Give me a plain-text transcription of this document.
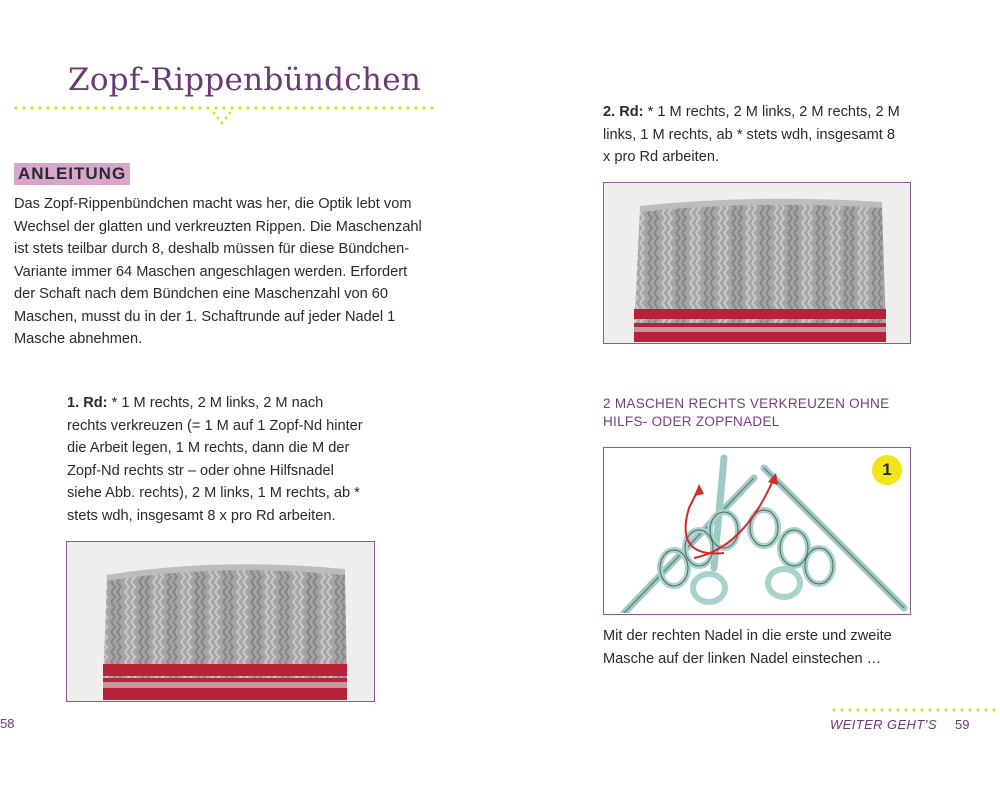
Zopf-Rippenbündchen
ANLEITUNG
Das Zopf-Rippenbündchen macht was her, die Optik lebt vom Wechsel der glatten und verkreuzten Rippen. Die Maschenzahl ist stets teilbar durch 8, deshalb müssen für diese Bündchen-Variante immer 64 Maschen angeschlagen werden. Erfordert der Schaft nach dem Bündchen eine Maschenzahl von 60 Maschen, musst du in der 1. Schaftrunde auf jeder Nadel 1 Masche abnehmen.
1. Rd: * 1 M rechts, 2 M links, 2 M nach rechts verkreuzen (= 1 M auf 1 Zopf-Nd hinter die Arbeit legen, 1 M rechts, dann die M der Zopf-Nd rechts str – oder ohne Hilfsnadel siehe Abb. rechts), 2 M links, 1 M rechts, ab * stets wdh, insgesamt 8 x pro Rd arbeiten.
58
2. Rd: * 1 M rechts, 2 M links, 2 M rechts, 2 M links, 1 M rechts, ab * stets wdh, insgesamt 8 x pro Rd arbeiten.
2 MASCHEN RECHTS VERKREUZEN OHNE HILFS- ODER ZOPFNADEL
1
Mit der rechten Nadel in die erste und zweite Masche auf der linken Nadel einstechen …
WEITER GEHT’S 59
